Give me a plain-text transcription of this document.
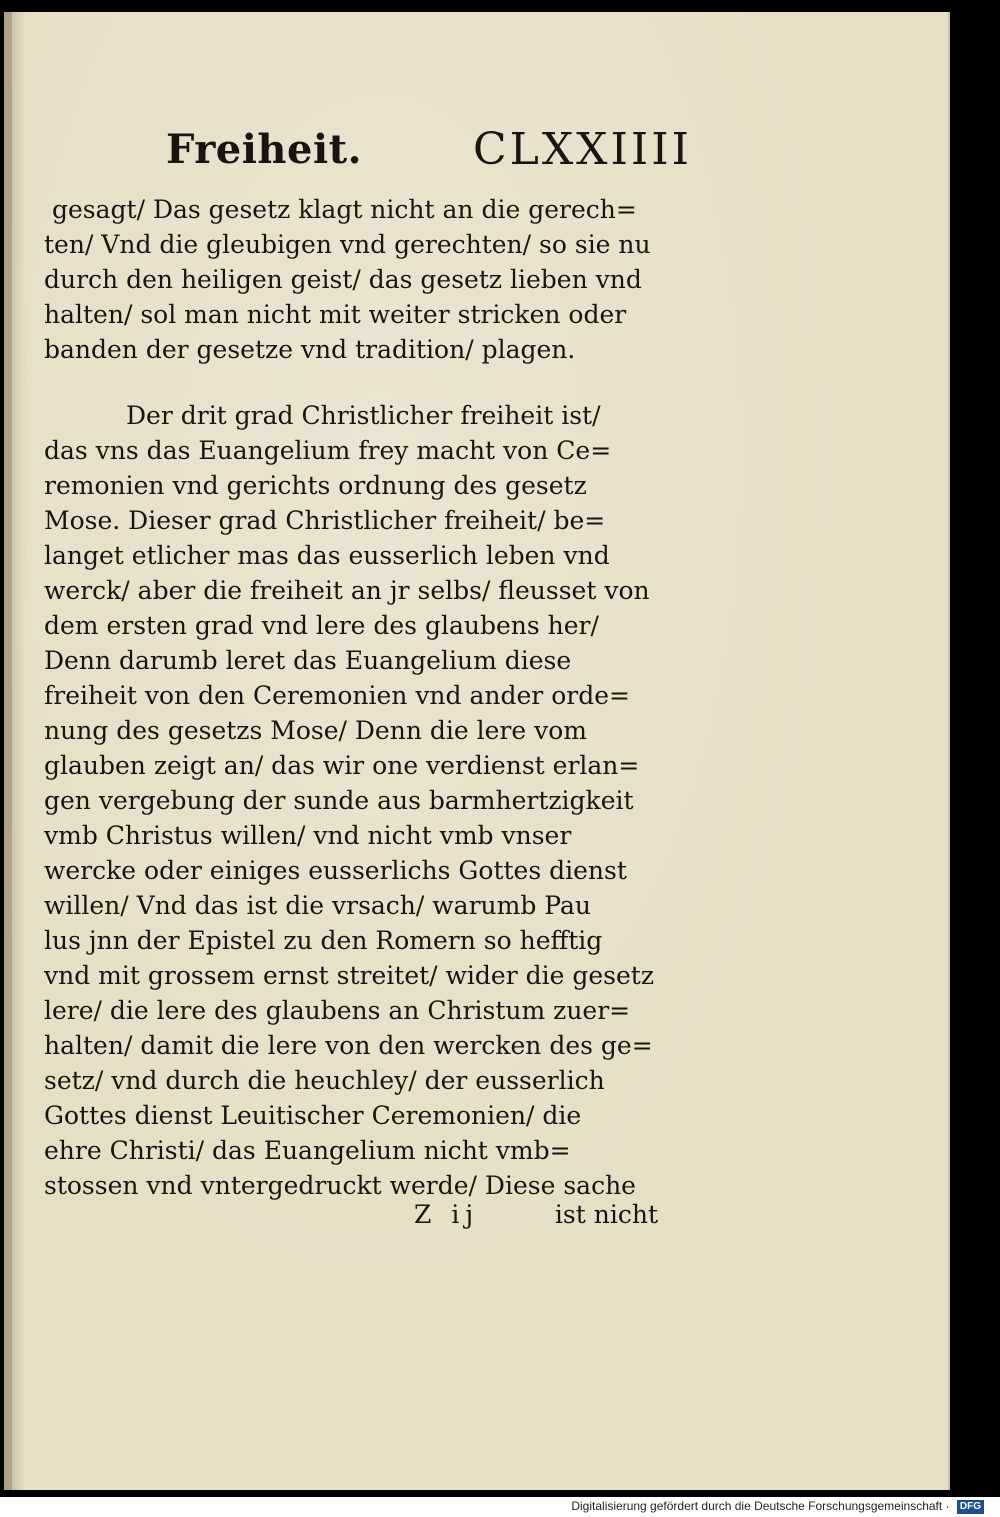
Freiheit.	CLXXIIII
gesagt/ Das gesetz klagt nicht an die gerech=
ten/ Vnd die gleubigen vnd gerechten/ so sie nu
durch den heiligen geist/ das gesetz lieben vnd
halten/ sol man nicht mit weiter stricken oder
banden der gesetze vnd tradition/ plagen.
Der drit grad Christlicher freiheit ist/
das vns das Euangelium frey macht von Ce=
remonien vnd gerichts ordnung des gesetz
Mose. Dieser grad Christlicher freiheit/ be=
langet etlicher mas das eusserlich leben vnd
werck/ aber die freiheit an jr selbs/ fleusset von
dem ersten grad vnd lere des glaubens her/
Denn darumb leret das Euangelium diese
freiheit von den Ceremonien vnd ander orde=
nung des gesetzs Mose/ Denn die lere vom
glauben zeigt an/ das wir one verdienst erlan=
gen vergebung der sunde aus barmhertzigkeit
vmb Christus willen/ vnd nicht vmb vnser
wercke oder einiges eusserlichs Gottes dienst
willen/ Vnd das ist die vrsach/ warumb Pau
lus jnn der Epistel zu den Romern so hefftig
vnd mit grossem ernst streitet/ wider die gesetz
lere/ die lere des glaubens an Christum zuer=
halten/ damit die lere von den wercken des ge=
setz/ vnd durch die heuchley/ der eusserlich
Gottes dienst Leuitischer Ceremonien/ die
ehre Christi/ das Euangelium nicht vmb=
stossen vnd vntergedruckt werde/ Diese sache
Z ij	ist nicht
Digitalisierung gefördert durch die Deutsche Forschungsgemeinschaft · DFG
